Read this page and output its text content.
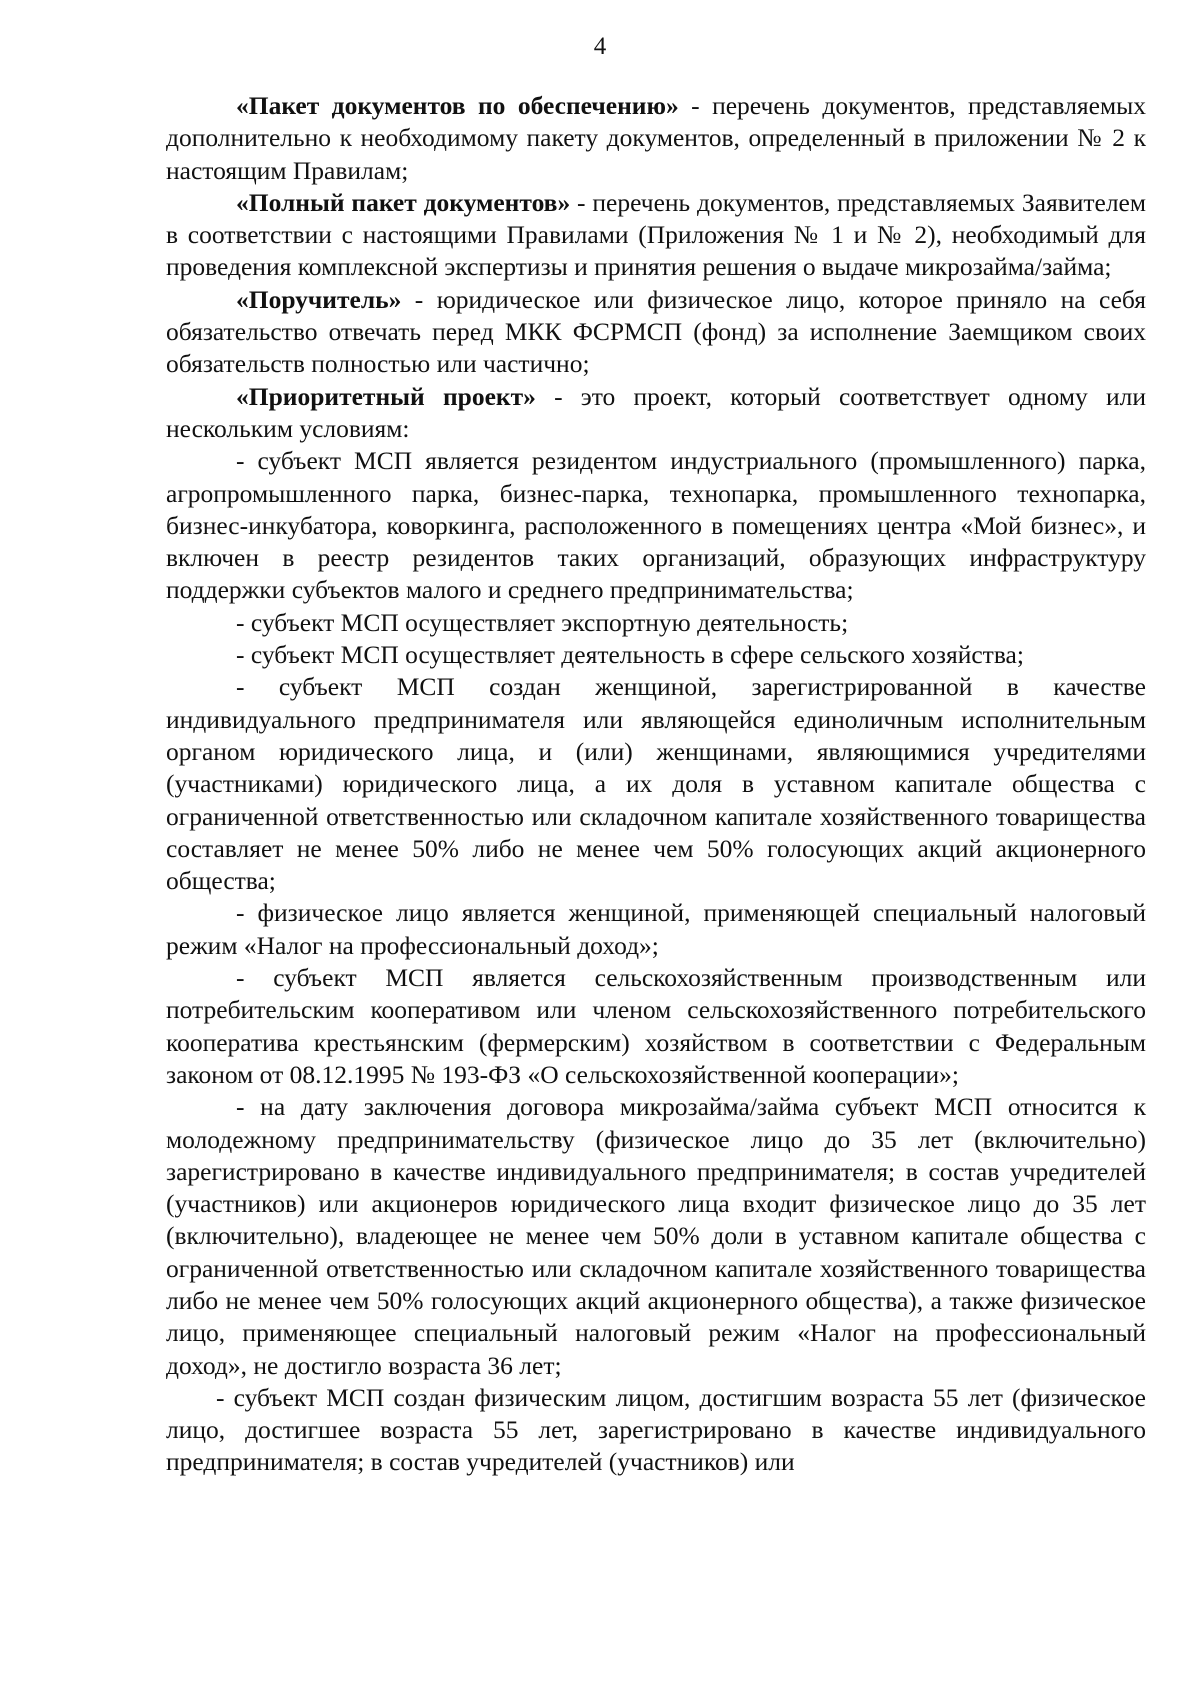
4

«Пакет документов по обеспечению» - перечень документов, представляемых дополнительно к необходимому пакету документов, определенный в приложении № 2 к настоящим Правилам;

«Полный пакет документов» - перечень документов, представляемых Заявителем в соответствии с настоящими Правилами (Приложения № 1 и № 2), необходимый для проведения комплексной экспертизы и принятия решения о выдаче микрозайма/займа;

«Поручитель» - юридическое или физическое лицо, которое приняло на себя обязательство отвечать перед МКК ФСРМСП (фонд) за исполнение Заемщиком своих обязательств полностью или частично;

«Приоритетный проект» - это проект, который соответствует одному или нескольким условиям:

- субъект МСП является резидентом индустриального (промышленного) парка, агропромышленного парка, бизнес-парка, технопарка, промышленного технопарка, бизнес-инкубатора, коворкинга, расположенного в помещениях центра «Мой бизнес», и включен в реестр резидентов таких организаций, образующих инфраструктуру поддержки субъектов малого и среднего предпринимательства;

- субъект МСП осуществляет экспортную деятельность;

- субъект МСП осуществляет деятельность в сфере сельского хозяйства;

- субъект МСП создан женщиной, зарегистрированной в качестве индивидуального предпринимателя или являющейся единоличным исполнительным органом юридического лица, и (или) женщинами, являющимися учредителями (участниками) юридического лица, а их доля в уставном капитале общества с ограниченной ответственностью или складочном капитале хозяйственного товарищества составляет не менее 50% либо не менее чем 50% голосующих акций акционерного общества;

- физическое лицо является женщиной, применяющей специальный налоговый режим «Налог на профессиональный доход»;

- субъект МСП является сельскохозяйственным производственным или потребительским кооперативом или членом сельскохозяйственного потребительского кооператива крестьянским (фермерским) хозяйством в соответствии с Федеральным законом от 08.12.1995 № 193-ФЗ «О сельскохозяйственной кооперации»;

- на дату заключения договора микрозайма/займа субъект МСП относится к молодежному предпринимательству (физическое лицо до 35 лет (включительно) зарегистрировано в качестве индивидуального предпринимателя; в состав учредителей (участников) или акционеров юридического лица входит физическое лицо до 35 лет (включительно), владеющее не менее чем 50% доли в уставном капитале общества с ограниченной ответственностью или складочном капитале хозяйственного товарищества либо не менее чем 50% голосующих акций акционерного общества), а также физическое лицо, применяющее специальный налоговый режим «Налог на профессиональный доход», не достигло возраста 36 лет;

- субъект МСП создан физическим лицом, достигшим возраста 55 лет (физическое лицо, достигшее возраста 55 лет, зарегистрировано в качестве индивидуального предпринимателя; в состав учредителей (участников) или
